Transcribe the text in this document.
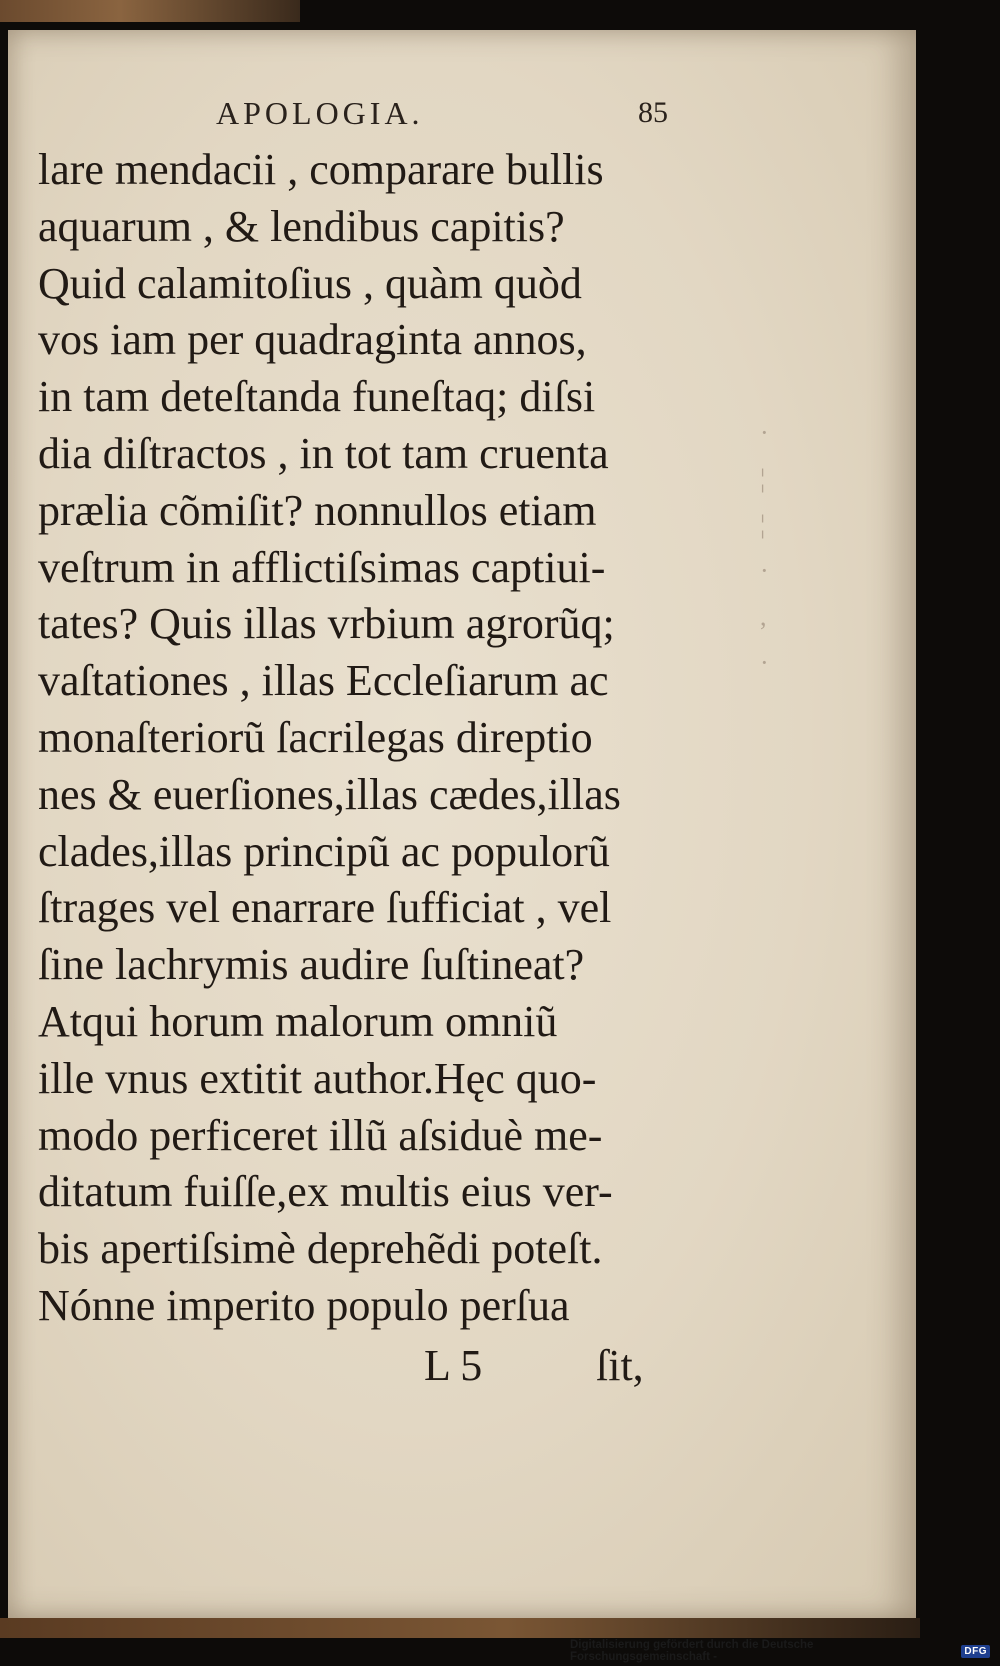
APOLOGIA.	85
·
¦
¦
·
,
·
lare mendacii , comparare bullis
aquarum , & lendibus capitis?
Quid calamitoſius , quàm quòd
vos iam per quadraginta annos,
in tam deteſtanda funeſtaq; diſsi
dia diſtractos , in tot tam cruenta
prælia cõmiſit? nonnullos etiam
veſtrum in afflictiſsimas captiui-
tates? Quis illas vrbium agrorũq;
vaſtationes , illas Eccleſiarum ac
monaſteriorũ ſacrilegas direptio
nes & euerſiones,illas cædes,illas
clades,illas principũ ac populorũ
ſtrages vel enarrare ſufficiat , vel
ſine lachrymis audire ſuſtineat?
Atqui horum malorum omniũ
ille vnus extitit author.Hęc quo-
modo perficeret illũ aſsiduè me-
ditatum fuiſſe,ex multis eius ver-
bis apertiſsimè deprehẽdi poteſt.
Nónne imperito populo perſua
L 5	ſit,
Digitalisierung gefördert durch die Deutsche Forschungsgemeinschaft -	DFG
